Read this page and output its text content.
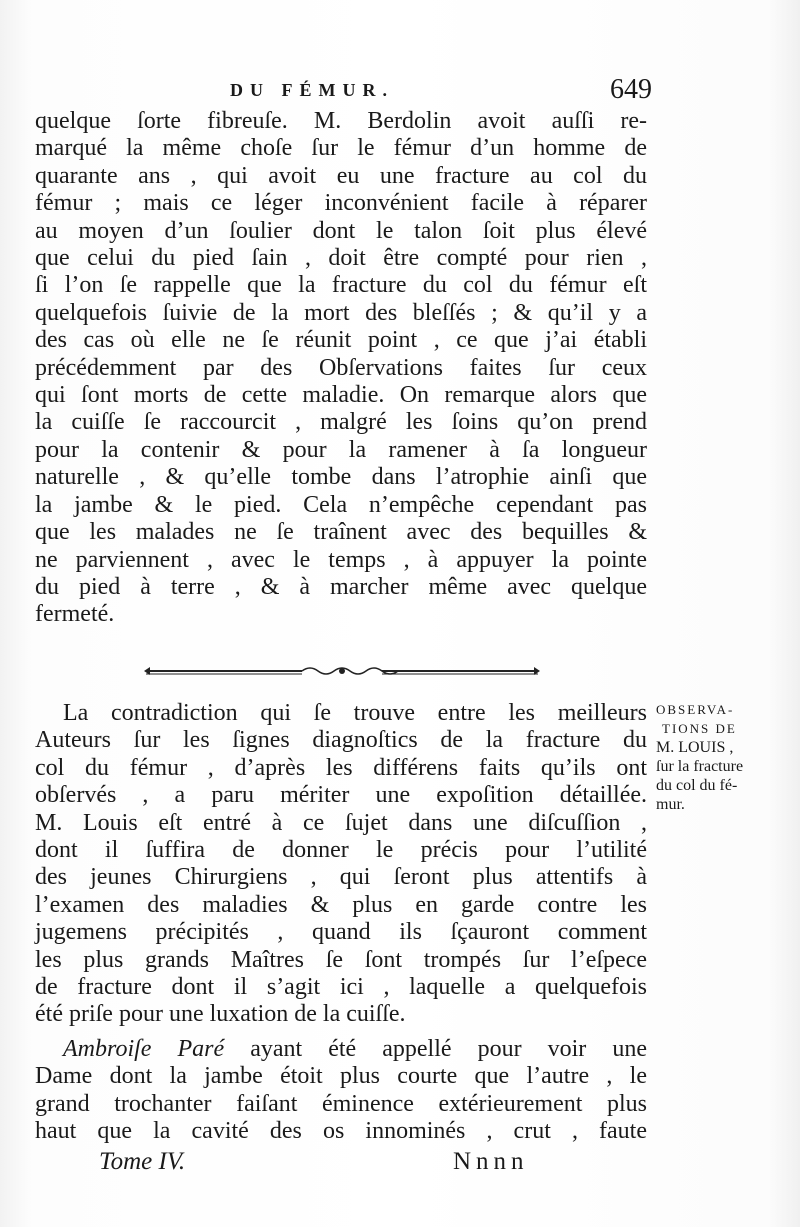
DU FÉMUR.	649
quelque ſorte fibreuſe. M. Berdolin avoit auſſi re-
marqué la même choſe ſur le fémur d’un homme de
quarante ans , qui avoit eu une fracture au col du
fémur ; mais ce léger inconvénient facile à réparer
au moyen d’un ſoulier dont le talon ſoit plus élevé
que celui du pied ſain , doit être compté pour rien ,
ſi l’on ſe rappelle que la fracture du col du fémur eſt
quelquefois ſuivie de la mort des bleſſés ; & qu’il y a
des cas où elle ne ſe réunit point , ce que j’ai établi
précédemment par des Obſervations faites ſur ceux
qui ſont morts de cette maladie. On remarque alors que
la cuiſſe ſe raccourcit , malgré les ſoins qu’on prend
pour la contenir & pour la ramener à ſa longueur
naturelle , & qu’elle tombe dans l’atrophie ainſi que
la jambe & le pied. Cela n’empêche cependant pas
que les malades ne ſe traînent avec des bequilles &
ne parviennent , avec le temps , à appuyer la pointe
du pied à terre , & à marcher même avec quelque
fermeté.
OBSERVA-
TIONS DE
M. LOUIS ,
ſur la fracture
du col du fé-
mur.
La contradiction qui ſe trouve entre les meilleurs
Auteurs ſur les ſignes diagnoſtics de la fracture du
col du fémur , d’après les différens faits qu’ils ont
obſervés , a paru mériter une expoſition détaillée.
M. Louis eſt entré à ce ſujet dans une diſcuſſion ,
dont il ſuffira de donner le précis pour l’utilité
des jeunes Chirurgiens , qui ſeront plus attentifs à
l’examen des maladies & plus en garde contre les
jugemens précipités , quand ils ſçauront comment
les plus grands Maîtres ſe ſont trompés ſur l’eſpece
de fracture dont il s’agit ici , laquelle a quelquefois
été priſe pour une luxation de la cuiſſe.
Ambroiſe Paré ayant été appellé pour voir une
Dame dont la jambe étoit plus courte que l’autre , le
grand trochanter faiſant éminence extérieurement plus
haut que la cavité des os innominés , crut , faute
Tome IV.	Nnnn
